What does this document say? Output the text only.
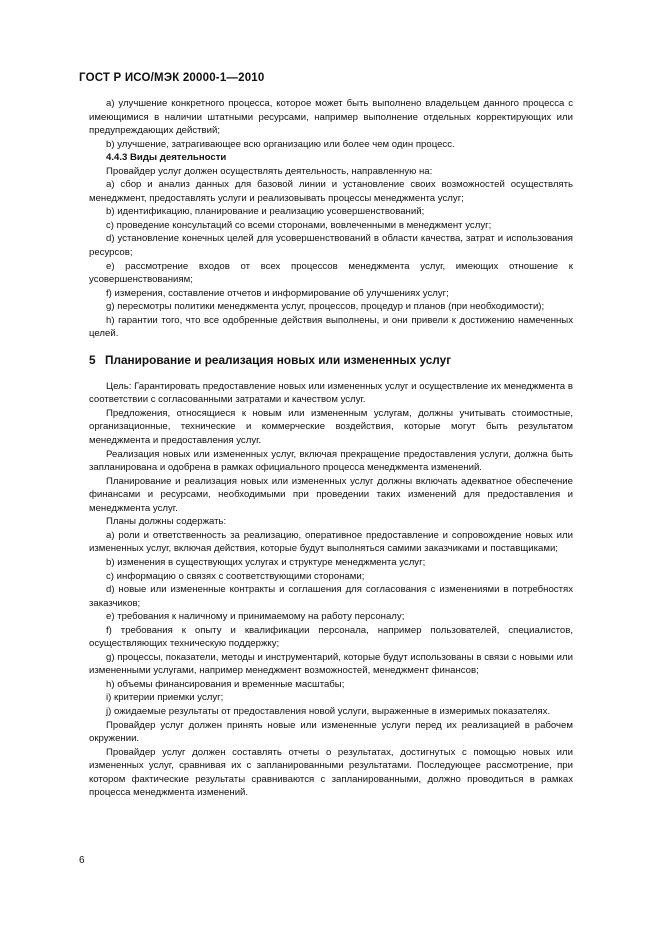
ГОСТ Р ИСО/МЭК 20000-1—2010

а) улучшение конкретного процесса, которое может быть выполнено владельцем данного процесса с имеющимися в наличии штатными ресурсами, например выполнение отдельных корректирующих или предупреждающих действий;

b) улучшение, затрагивающее всю организацию или более чем один процесс.

4.4.3 Виды деятельности

Провайдер услуг должен осуществлять деятельность, направленную на:

а) сбор и анализ данных для базовой линии и установление своих возможностей осуществлять менеджмент, предоставлять услуги и реализовывать процессы менеджмента услуг;

b) идентификацию, планирование и реализацию усовершенствований;

c) проведение консультаций со всеми сторонами, вовлеченными в менеджмент услуг;

d) установление конечных целей для усовершенствований в области качества, затрат и использования ресурсов;

e) рассмотрение входов от всех процессов менеджмента услуг, имеющих отношение к усовершенствованиям;

f) измерения, составление отчетов и информирование об улучшениях услуг;

g) пересмотры политики менеджмента услуг, процессов, процедур и планов (при необходимости);

h) гарантии того, что все одобренные действия выполнены, и они привели к достижению намеченных целей.

5 Планирование и реализация новых или измененных услуг

Цель: Гарантировать предоставление новых или измененных услуг и осуществление их менеджмента в соответствии с согласованными затратами и качеством услуг.

Предложения, относящиеся к новым или измененным услугам, должны учитывать стоимостные, организационные, технические и коммерческие воздействия, которые могут быть результатом менеджмента и предоставления услуг.

Реализация новых или измененных услуг, включая прекращение предоставления услуги, должна быть запланирована и одобрена в рамках официального процесса менеджмента изменений.

Планирование и реализация новых или измененных услуг должны включать адекватное обеспечение финансами и ресурсами, необходимыми при проведении таких изменений для предоставления и менеджмента услуг.

Планы должны содержать:

а) роли и ответственность за реализацию, оперативное предоставление и сопровождение новых или измененных услуг, включая действия, которые будут выполняться самими заказчиками и поставщиками;

b) изменения в существующих услугах и структуре менеджмента услуг;

c) информацию о связях с соответствующими сторонами;

d) новые или измененные контракты и соглашения для согласования с изменениями в потребностях заказчиков;

e) требования к наличному и принимаемому на работу персоналу;

f) требования к опыту и квалификации персонала, например пользователей, специалистов, осуществляющих техническую поддержку;

g) процессы, показатели, методы и инструментарий, которые будут использованы в связи с новыми или измененными услугами, например менеджмент возможностей, менеджмент финансов;

h) объемы финансирования и временные масштабы;

i) критерии приемки услуг;

j) ожидаемые результаты от предоставления новой услуги, выраженные в измеримых показателях.

Провайдер услуг должен принять новые или измененные услуги перед их реализацией в рабочем окружении.

Провайдер услуг должен составлять отчеты о результатах, достигнутых с помощью новых или измененных услуг, сравнивая их с запланированными результатами. Последующее рассмотрение, при котором фактические результаты сравниваются с запланированными, должно проводиться в рамках процесса менеджмента изменений.

6
